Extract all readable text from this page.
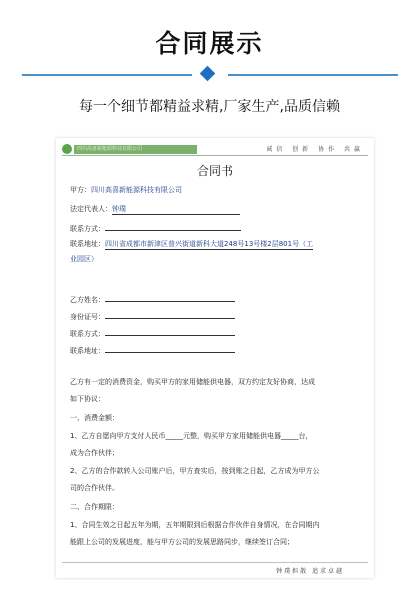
合同展示
每一个细节都精益求精,厂家生产,品质信赖
四川高喜新能源科技有限公司	诚信 创新 协作 共赢
合同书
甲方：四川高喜新能源科技有限公司
法定代表人：钟璞
联系方式：
联系地址：四川省成都市新津区普兴街道新科大道248号13号楼2层801号（工
业园区）
乙方姓名：
身份证号：
联系方式：
联系地址：
乙方有一定的消费资金，购买甲方的家用储能供电器，双方约定友好协商，达成
如下协议：
一、消费金额：
1、乙方自愿向甲方支付人民币_____元整，购买甲方家用储能供电器_____台，
成为合作伙伴；
2、乙方的合作款转入公司账户后，甲方查实后，按到账之日起，乙方成为甲方公
司的合作伙伴。
二、合作期限：
1、合同生效之日起五年为期，五年期限到后根据合作伙伴自身情况，在合同期内
能跟上公司的发展进度，能与甲方公司的发展思路同步，继续签订合同；
钟璞担散 追求卓越
